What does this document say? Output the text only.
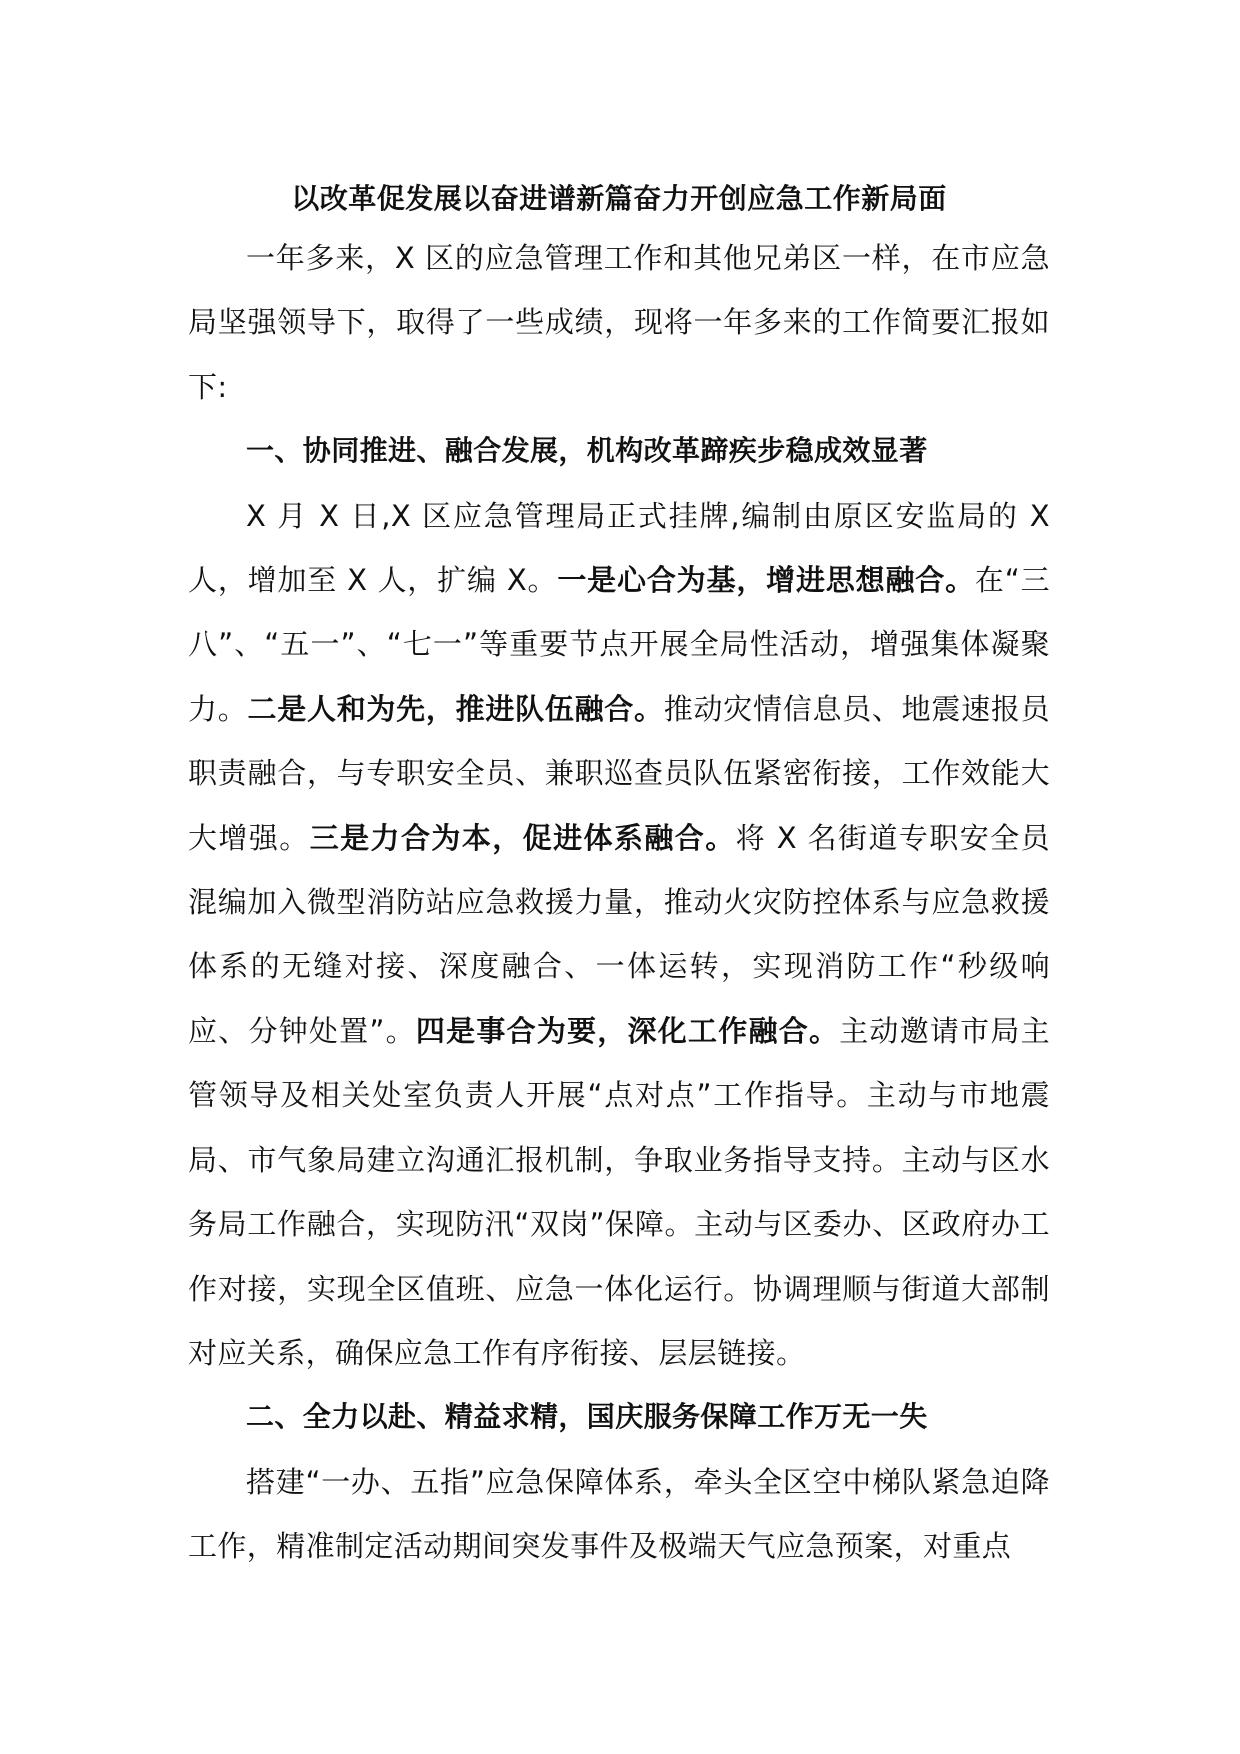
以改革促发展以奋进谱新篇奋力开创应急工作新局面

一年多来，X 区的应急管理工作和其他兄弟区一样，在市应急局坚强领导下，取得了一些成绩，现将一年多来的工作简要汇报如下:

一、协同推进、融合发展，机构改革蹄疾步稳成效显著

X 月 X 日,X 区应急管理局正式挂牌,编制由原区安监局的 X 人，增加至 X 人，扩编 X。一是心合为基，增进思想融合。在“三八”、“五一”、“七一”等重要节点开展全局性活动，增强集体凝聚力。二是人和为先，推进队伍融合。推动灾情信息员、地震速报员职责融合，与专职安全员、兼职巡查员队伍紧密衔接，工作效能大大增强。三是力合为本，促进体系融合。将 X 名街道专职安全员混编加入微型消防站应急救援力量，推动火灾防控体系与应急救援体系的无缝对接、深度融合、一体运转，实现消防工作“秒级响应、分钟处置”。四是事合为要，深化工作融合。主动邀请市局主管领导及相关处室负责人开展“点对点”工作指导。主动与市地震局、市气象局建立沟通汇报机制，争取业务指导支持。主动与区水务局工作融合，实现防汛“双岗”保障。主动与区委办、区政府办工作对接，实现全区值班、应急一体化运行。协调理顺与街道大部制对应关系，确保应急工作有序衔接、层层链接。

二、全力以赴、精益求精，国庆服务保障工作万无一失

搭建“一办、五指”应急保障体系，牵头全区空中梯队紧急迫降工作，精准制定活动期间突发事件及极端天气应急预案，对重点
